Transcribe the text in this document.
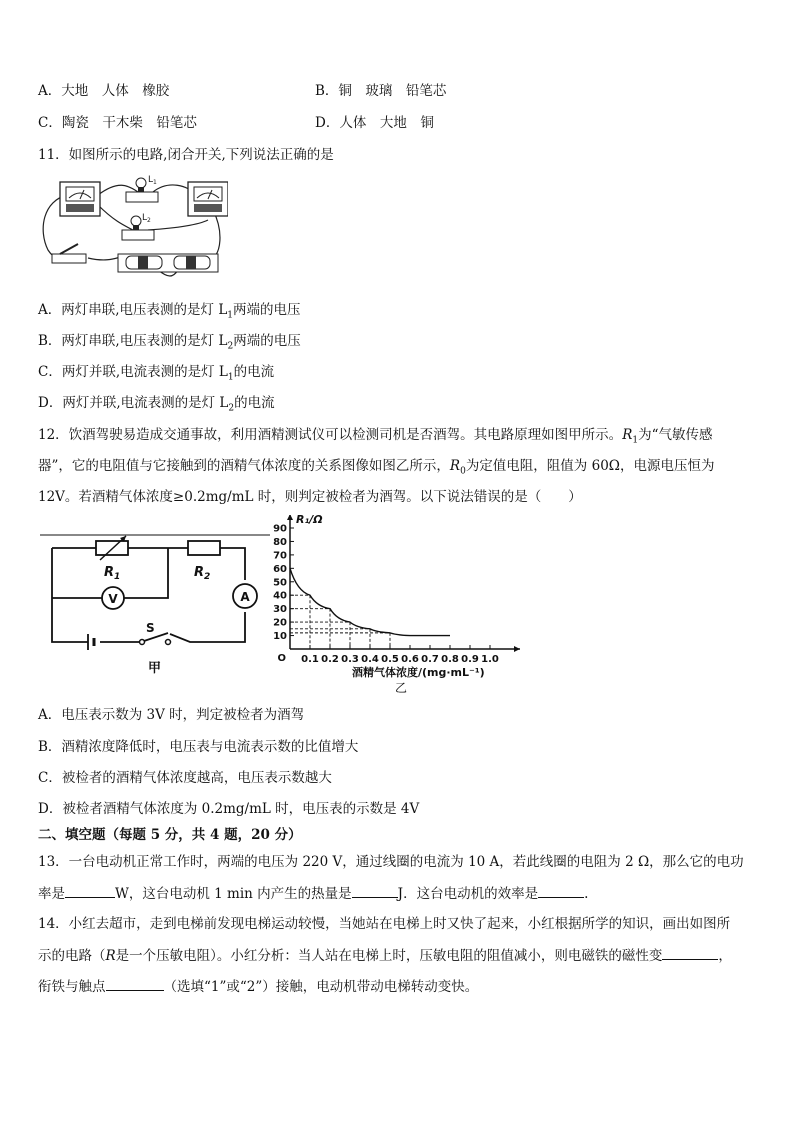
A．大地　人体　橡胶	B．铜　玻璃　铅笔芯
C．陶瓷　干木柴　铅笔芯	D．人体　大地　铜
11．如图所示的电路,闭合开关,下列说法正确的是
$L_1$
$L_2$
A．两灯串联,电压表测的是灯 $L_1$两端的电压
B．两灯串联,电压表测的是灯 $L_2$两端的电压
C．两灯并联,电流表测的是灯 $L_1$的电流
D．两灯并联,电流表测的是灯 $L_2$的电流
12．饮酒驾驶易造成交通事故，利用酒精测试仪可以检测司机是否酒驾。其电路原理如图甲所示。$R_1$为“气敏传感
器”，它的电阻值与它接触到的酒精气体浓度的关系图像如图乙所示，$R_0$为定值电阻，阻值为 60Ω，电源电压恒为
12V。若酒精气体浓度≥0.2mg/mL 时，则判定被检者为酒驾。以下说法错误的是（　　）
$R_1$	$R_2$
V	A
S
甲
10
20
30
40
50
60
70
80
90
0.1 0.2 0.3 0.4 0.5 0.6 0.7 0.8 0.9 1.0
O
R₁/Ω
酒精气体浓度/(mg·mL⁻¹)
乙
A．电压表示数为 3V 时，判定被检者为酒驾
B．酒精浓度降低时，电压表与电流表示数的比值增大
C．被检者的酒精气体浓度越高，电压表示数越大
D．被检者酒精气体浓度为 0.2mg/mL 时，电压表的示数是 4V
二、填空题（每题 5 分，共 4 题，20 分）
13．一台电动机正常工作时，两端的电压为 220 V，通过线圈的电流为 10 A，若此线圈的电阻为 2 Ω，那么它的电功
率是	W，这台电动机 1 min 内产生的热量是	J．这台电动机的效率是	.
14．小红去超市，走到电梯前发现电梯运动较慢，当她站在电梯上时又快了起来，小红根据所学的知识，画出如图所
示的电路（R是一个压敏电阻）。小红分析：当人站在电梯上时，压敏电阻的阻值减小，则电磁铁的磁性变	，
衔铁与触点	（选填“1”或“2”）接触，电动机带动电梯转动变快。
